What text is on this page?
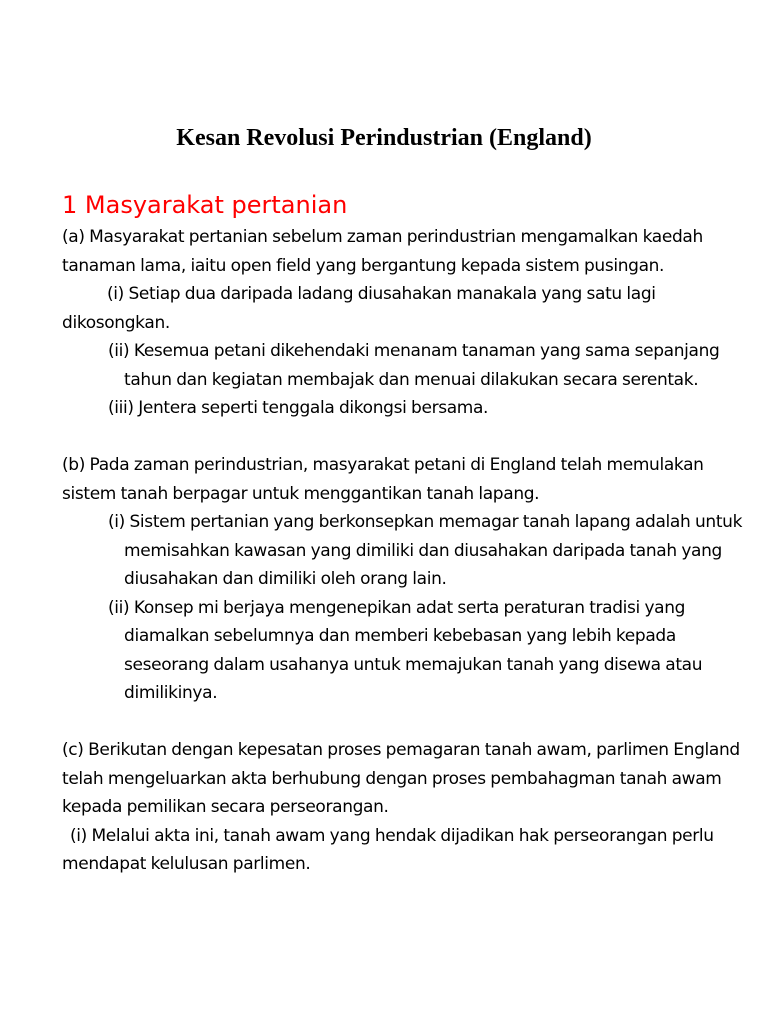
Kesan Revolusi Perindustrian (England)
1 Masyarakat pertanian

(a) Masyarakat pertanian sebelum zaman perindustrian mengamalkan kaedah tanaman lama, iaitu open field yang bergantung kepada sistem pusingan.

(i) Setiap dua daripada ladang diusahakan manakala yang satu lagi dikosongkan.

(ii) Kesemua petani dikehendaki menanam tanaman yang sama sepanjang tahun dan kegiatan membajak dan menuai dilakukan secara serentak.

(iii) Jentera seperti tenggala dikongsi bersama.

(b) Pada zaman perindustrian, masyarakat petani di England telah memulakan sistem tanah berpagar untuk menggantikan tanah lapang.

(i) Sistem pertanian yang berkonsepkan memagar tanah lapang adalah untuk memisahkan kawasan yang dimiliki dan diusahakan daripada tanah yang diusahakan dan dimiliki oleh orang lain.

(ii) Konsep mi berjaya mengenepikan adat serta peraturan tradisi yang diamalkan sebelumnya dan memberi kebebasan yang lebih kepada seseorang dalam usahanya untuk memajukan tanah yang disewa atau dimilikinya.

(c) Berikutan dengan kepesatan proses pemagaran tanah awam, parlimen England telah mengeluarkan akta berhubung dengan proses pembahagman tanah awam kepada pemilikan secara perseorangan.

(i) Melalui akta ini, tanah awam yang hendak dijadikan hak perseorangan perlu mendapat kelulusan parlimen.
